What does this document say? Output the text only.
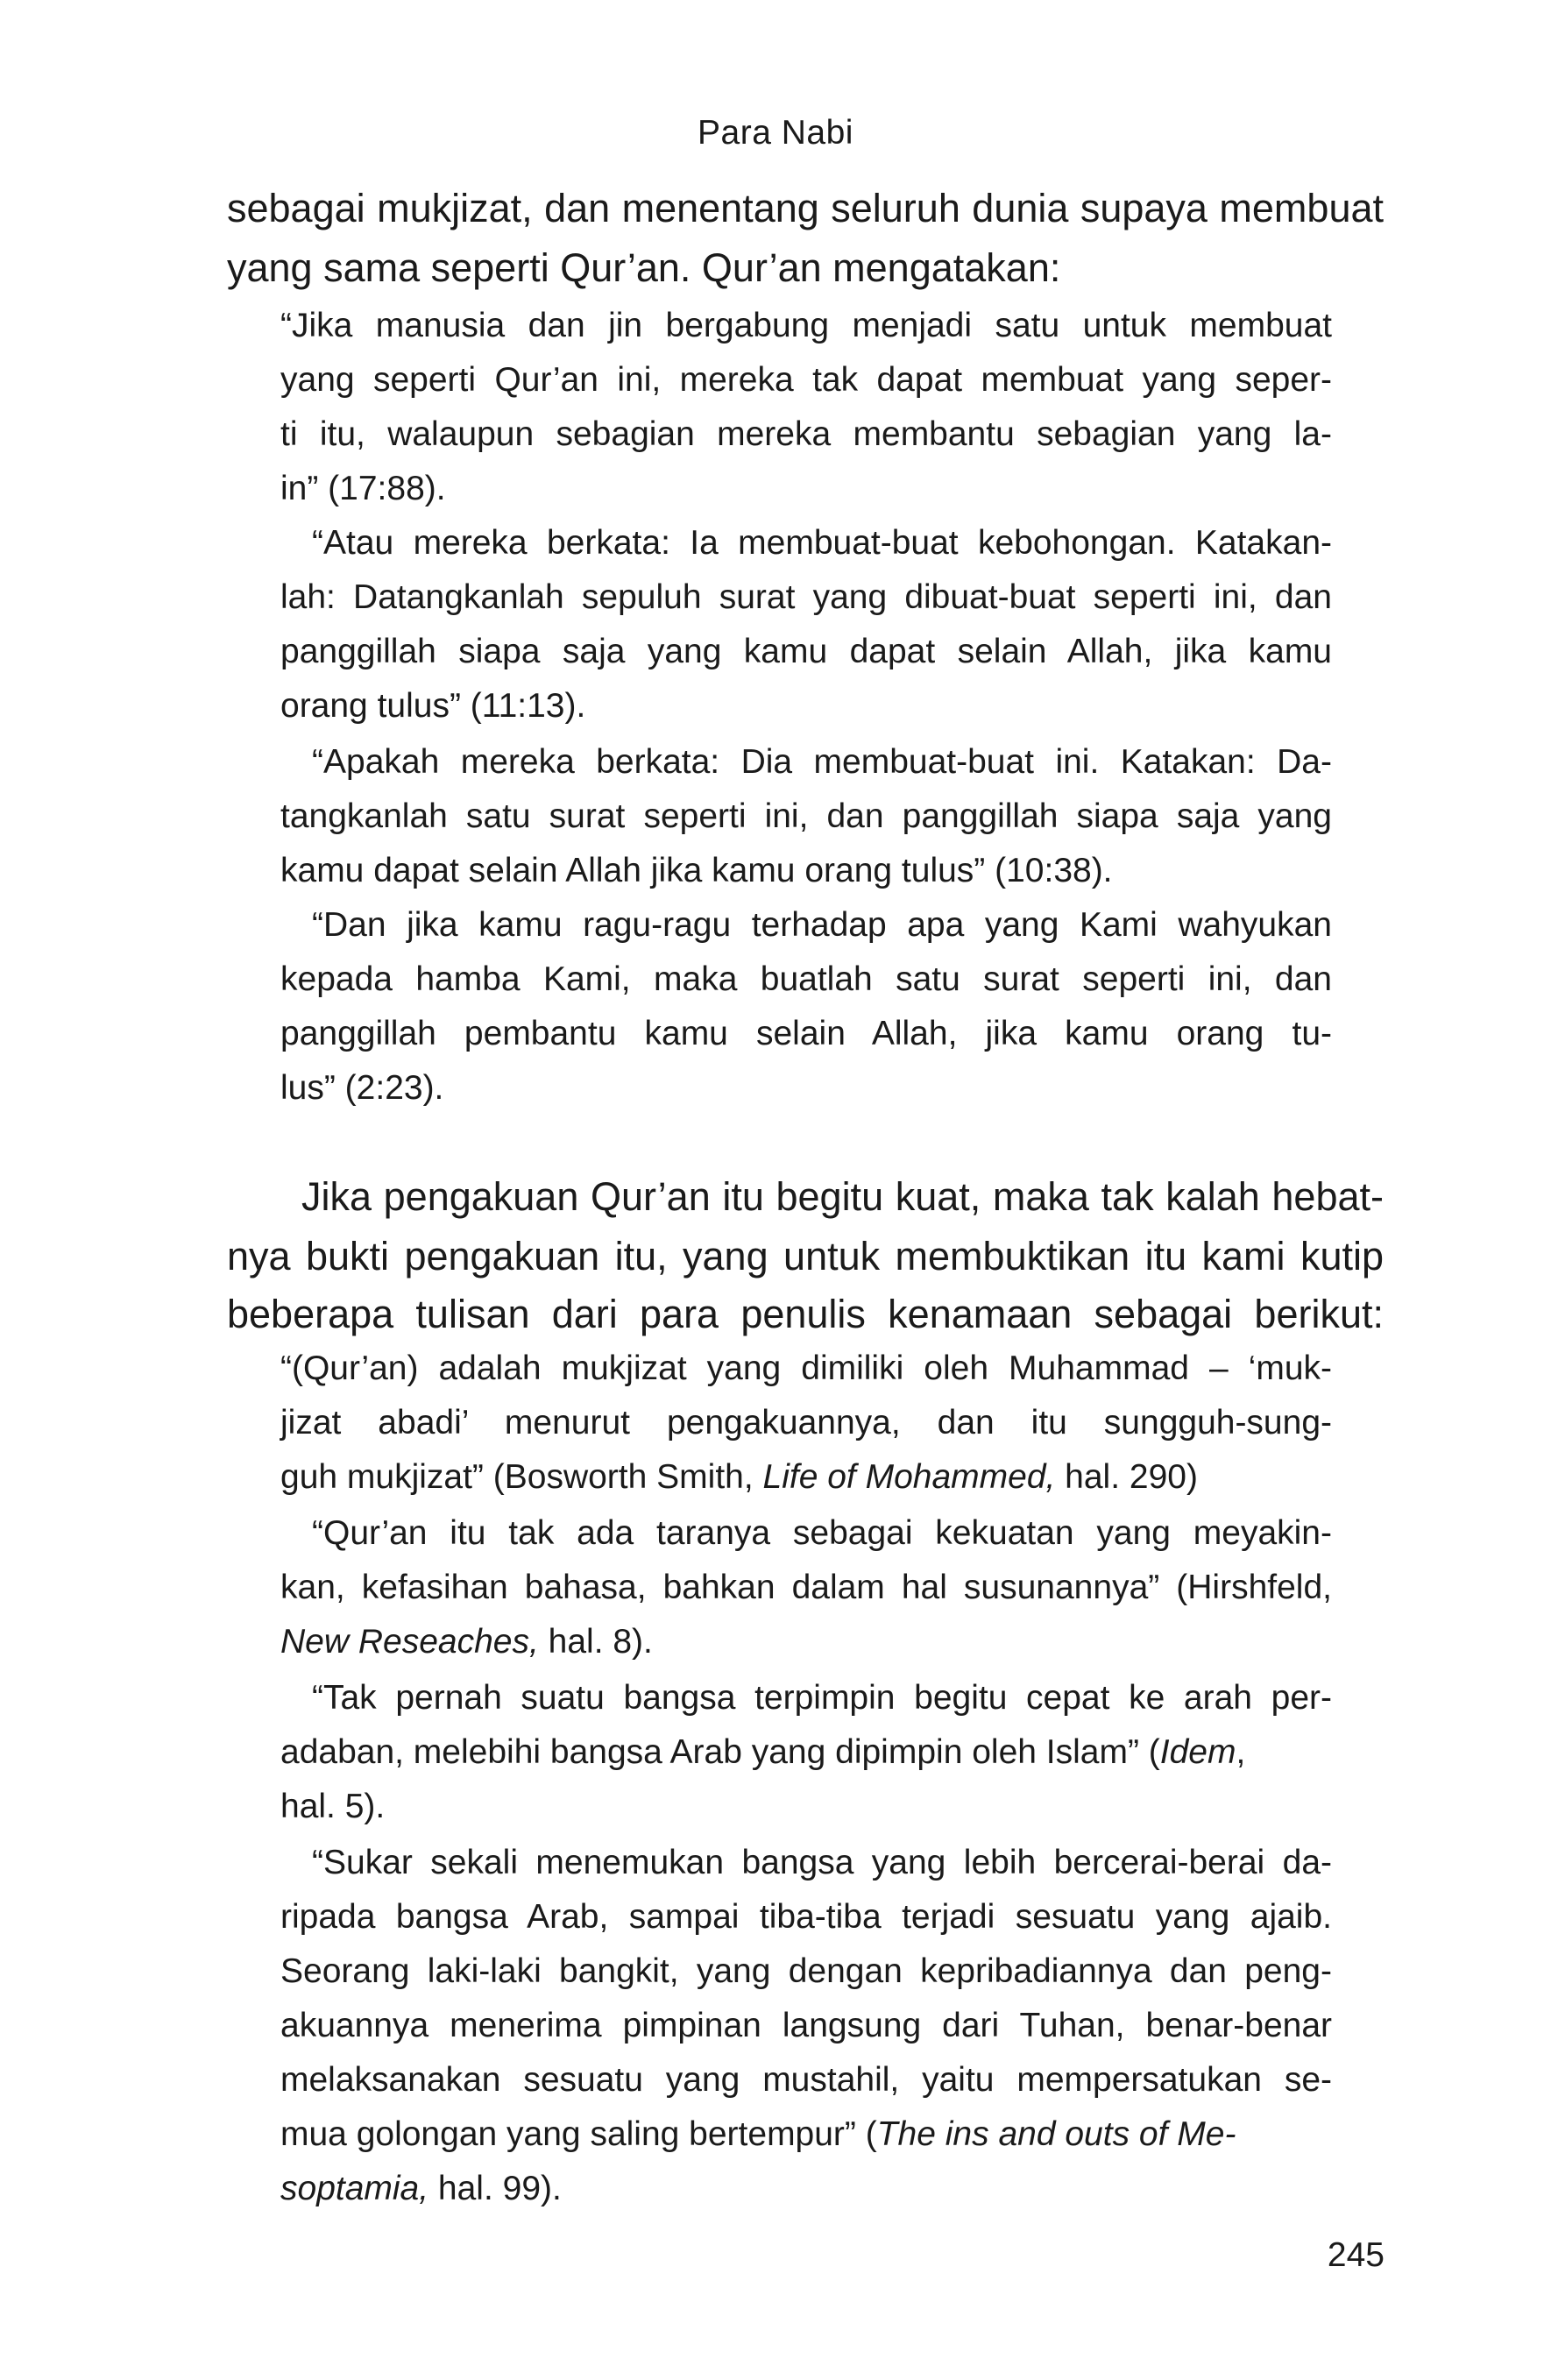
Para Nabi
sebagai mukjizat, dan menentang seluruh dunia supaya membuat
yang sama seperti Qur’an. Qur’an mengatakan:
“Jika manusia dan jin bergabung menjadi satu untuk membuat
yang seperti Qur’an ini, mereka tak dapat membuat yang seper-
ti itu, walaupun sebagian mereka membantu sebagian yang la-
in” (17:88).
“Atau mereka berkata: Ia membuat-buat kebohongan. Katakan-
lah: Datangkanlah sepuluh surat yang dibuat-buat seperti ini, dan
panggillah siapa saja yang kamu dapat selain Allah, jika kamu
orang tulus” (11:13).
“Apakah mereka berkata: Dia membuat-buat ini. Katakan: Da-
tangkanlah satu surat seperti ini, dan panggillah siapa saja yang
kamu dapat selain Allah jika kamu orang tulus” (10:38).
“Dan jika kamu ragu-ragu terhadap apa yang Kami wahyukan
kepada hamba Kami, maka buatlah satu surat seperti ini, dan
panggillah pembantu kamu selain Allah, jika kamu orang tu-
lus” (2:23).
Jika pengakuan Qur’an itu begitu kuat, maka tak kalah hebat-
nya bukti pengakuan itu, yang untuk membuktikan itu kami kutip
beberapa tulisan dari para penulis kenamaan sebagai berikut:
“(Qur’an) adalah mukjizat yang dimiliki oleh Muhammad – ‘muk-
jizat abadi’ menurut pengakuannya, dan itu sungguh-sung-
guh mukjizat” (Bosworth Smith, Life of Mohammed, hal. 290)
“Qur’an itu tak ada taranya sebagai kekuatan yang meyakin-
kan, kefasihan bahasa, bahkan dalam hal susunannya” (Hirshfeld,
New Reseaches, hal. 8).
“Tak pernah suatu bangsa terpimpin begitu cepat ke arah per-
adaban, melebihi bangsa Arab yang dipimpin oleh Islam” (Idem,
hal. 5).
“Sukar sekali menemukan bangsa yang lebih bercerai-berai da-
ripada bangsa Arab, sampai tiba-tiba terjadi sesuatu yang ajaib.
Seorang laki-laki bangkit, yang dengan kepribadiannya dan peng-
akuannya menerima pimpinan langsung dari Tuhan, benar-benar
melaksanakan sesuatu yang mustahil, yaitu mempersatukan se-
mua golongan yang saling bertempur” (The ins and outs of Me-
soptamia, hal. 99).
245
